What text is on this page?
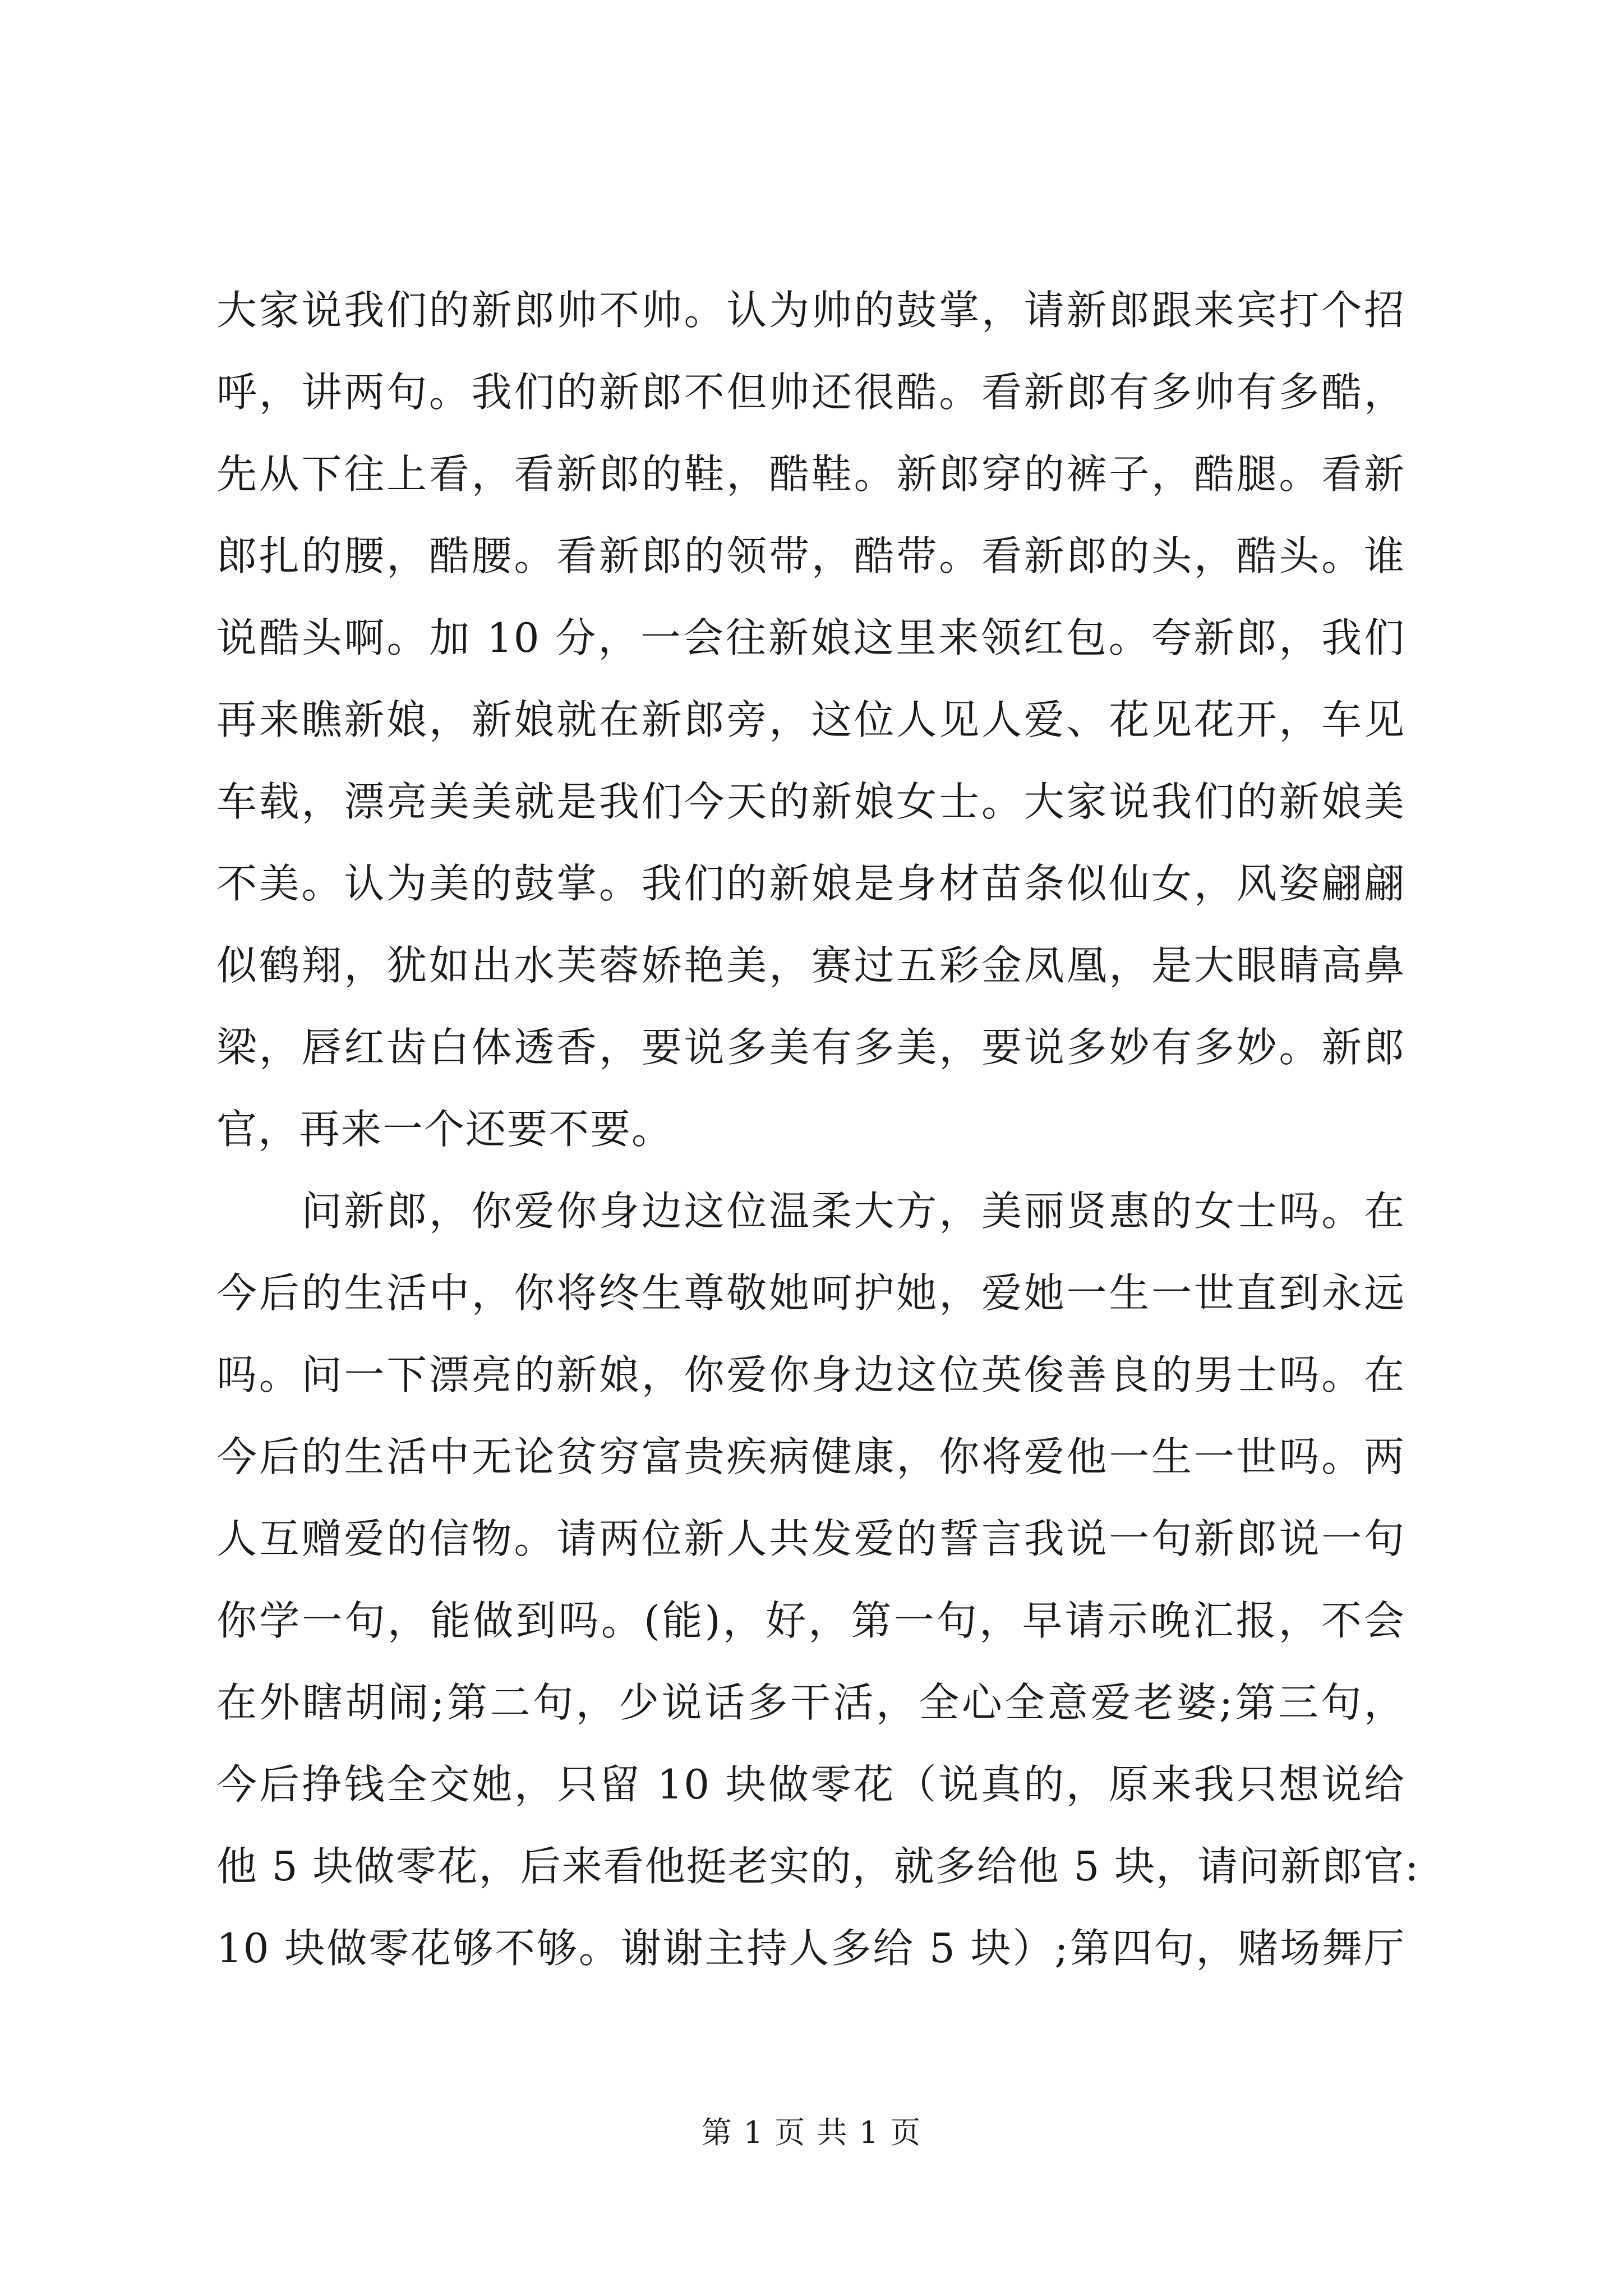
大家说我们的新郎帅不帅。认为帅的鼓掌，请新郎跟来宾打个招
呼，讲两句。我们的新郎不但帅还很酷。看新郎有多帅有多酷，
先从下往上看，看新郎的鞋，酷鞋。新郎穿的裤子，酷腿。看新
郎扎的腰，酷腰。看新郎的领带，酷带。看新郎的头，酷头。谁
说酷头啊。加 10 分，一会往新娘这里来领红包。夸新郎，我们
再来瞧新娘，新娘就在新郎旁，这位人见人爱、花见花开，车见
车载，漂亮美美就是我们今天的新娘女士。大家说我们的新娘美
不美。认为美的鼓掌。我们的新娘是身材苗条似仙女，风姿翩翩
似鹤翔，犹如出水芙蓉娇艳美，赛过五彩金凤凰，是大眼睛高鼻
梁，唇红齿白体透香，要说多美有多美，要说多妙有多妙。新郎
官，再来一个还要不要。
　　问新郎，你爱你身边这位温柔大方，美丽贤惠的女士吗。在
今后的生活中，你将终生尊敬她呵护她，爱她一生一世直到永远
吗。问一下漂亮的新娘，你爱你身边这位英俊善良的男士吗。在
今后的生活中无论贫穷富贵疾病健康，你将爱他一生一世吗。两
人互赠爱的信物。请两位新人共发爱的誓言我说一句新郎说一句
你学一句，能做到吗。(能)，好，第一句，早请示晚汇报，不会
在外瞎胡闹;第二句，少说话多干活，全心全意爱老婆;第三句，
今后挣钱全交她，只留 10 块做零花（说真的，原来我只想说给
他 5 块做零花，后来看他挺老实的，就多给他 5 块，请问新郎官:
10 块做零花够不够。谢谢主持人多给 5 块）;第四句，赌场舞厅
第 1 页 共 1 页
